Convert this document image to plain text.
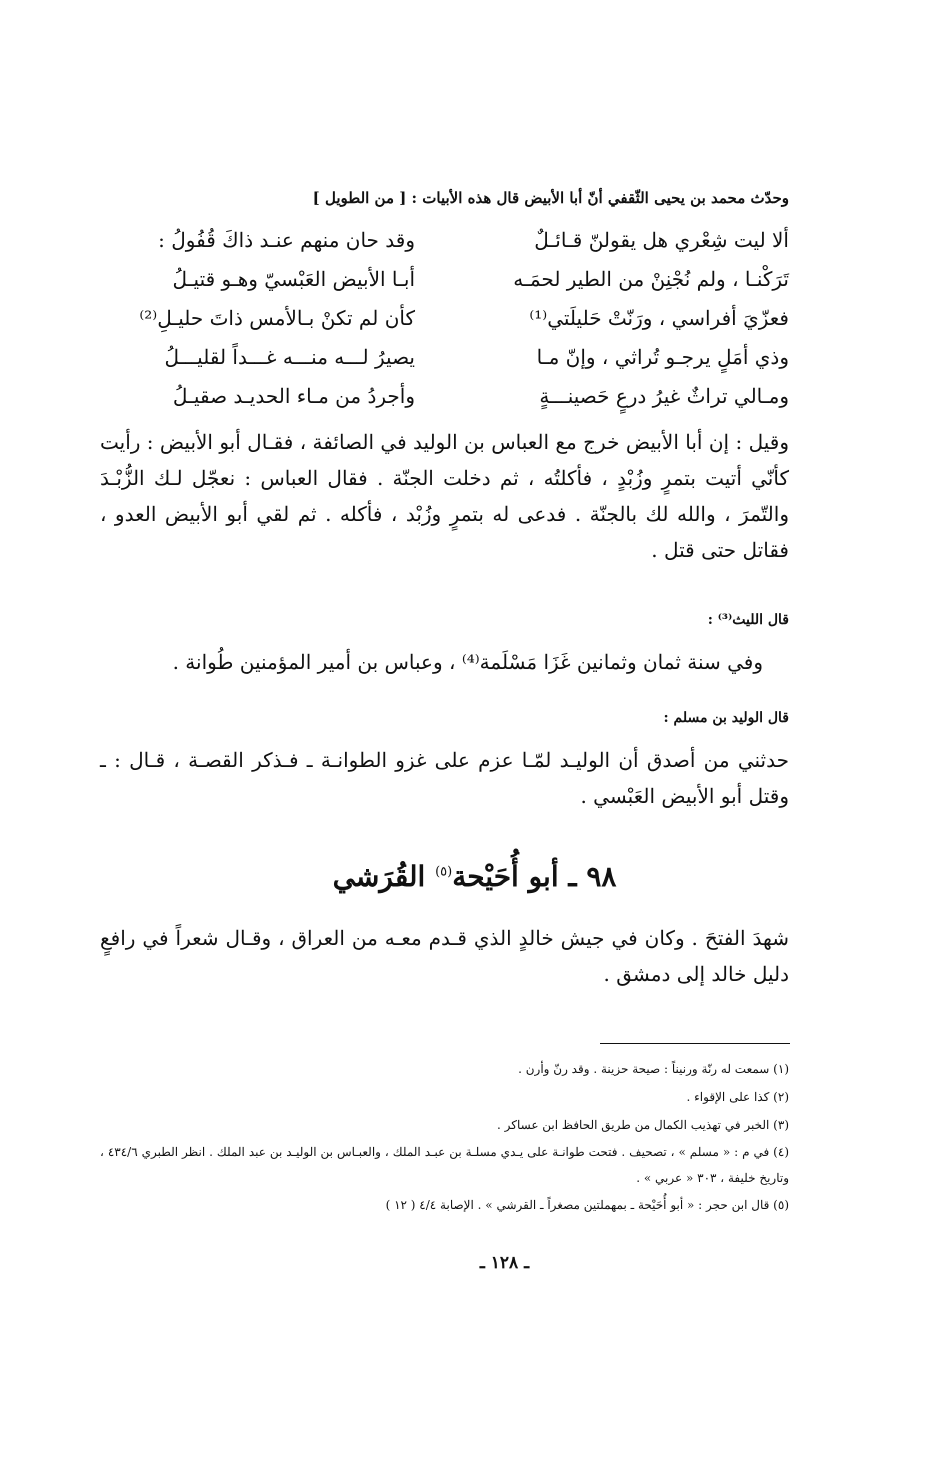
وحدّث محمد بن يحيى الثّقفي أنّ أبا الأبيض قال هذه الأبيات : [ من الطويل ]
ألا ليت شِعْري هل يقولنّ قـائـلٌ
وقد حان منهم عنـد ذاكَ قُفُولُ :
تَرَكْنـا ، ولم نُجْنِنْ من الطير لحمَـه
أبـا الأبيض العَبْسيّ وهـو قتيـلُ
فعزّيَ أفراسي ، ورَنّتْ حَليلَتي⁽¹⁾
كأن لم تكنْ بـالأمس ذاتَ حليـلِ⁽²⁾
وذي أمَلٍ يرجـو تُراثي ، وإنّ مـا
يصيرُ لـــه منـــه غـــداً لقليـــلُ
ومـالي تراثٌ غيرُ درعٍ حَصينـــةٍ
وأجردُ من مـاء الحديـد صقيـلُ

وقيل : إن أبا الأبيض خرج مع العباس بن الوليد في الصائفة ، فقـال أبو الأبيض : رأيت كأنّي أتيت بتمرٍ وزُبْدٍ ، فأكلتُه ، ثم دخلت الجنّة . فقال العباس : نعجّل لـك الزُّبْـدَ والتّمرَ ، والله لك بالجنّة . فدعى له بتمرٍ وزُبْد ، فأكله . ثم لقي أبو الأبيض العدو ، فقاتل حتى قتل .

قال الليث⁽³⁾ :
وفي سنة ثمان وثمانين غَزَا مَسْلَمة⁽⁴⁾ ، وعباس بن أمير المؤمنين طُوانة .
قال الوليد بن مسلم :

حدثني من أصدق أن الوليـد لمّـا عزم على غزو الطوانـة ـ فـذكر القصـة ، قـال : ـ وقتل أبو الأبيض العَبْسي .

٩٨ ـ أبو أُحَيْحة$^{(٥)}$ القُرَشي

شهدَ الفتحَ . وكان في جيش خالدٍ الذي قـدم معـه من العراق ، وقـال شعراً في رافعٍ دليل خالد إلى دمشق .

(١) سمعت له رنّة ورنيناً : صيحة حزينة . وقد رنّ وأرن .

(٢) كذا على الإقواء .

(٣) الخبر في تهذيب الكمال من طريق الحافظ ابن عساكر .

(٤) في م : « مسلم » ، تصحيف . فتحت طوانـة على يـدي مسلـة بن عبـد الملك ، والعبـاس بن الوليـد بن عبد الملك . انظر الطبري ٤٣٤/٦ ، وتاريخ خليفة ، ٣٠٣ « عربي » .

(٥) قال ابن حجر : « أبو أُحَيْحة ـ بمهملتين مصغراً ـ القرشي » . الإصابة ٤/٤ ( ١٢ )

ـ ١٢٨ ـ
